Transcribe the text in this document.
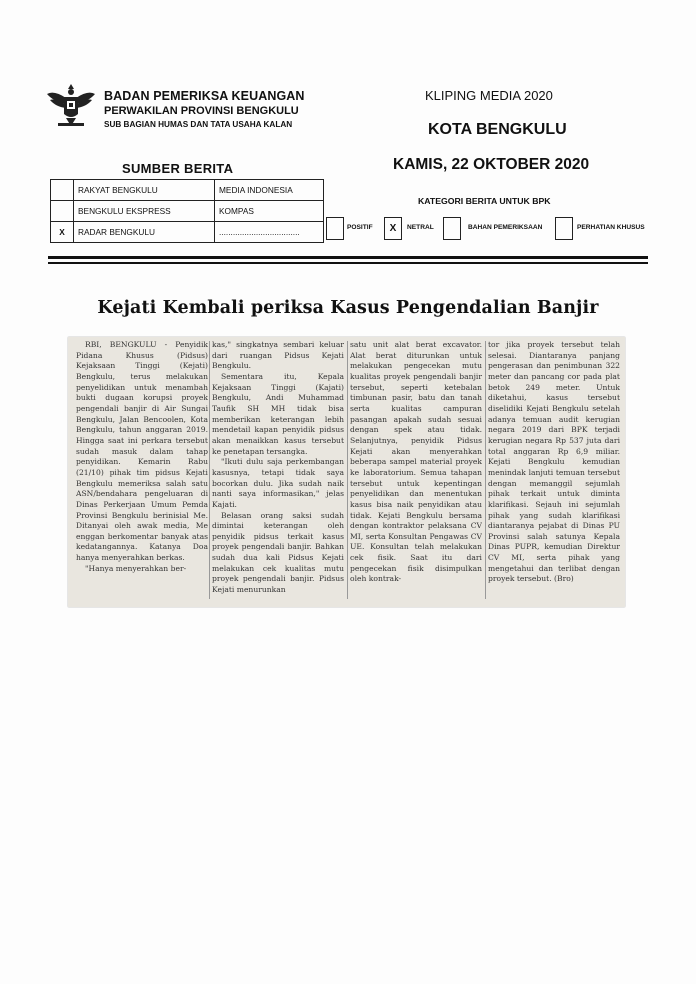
BADAN PEMERIKSA KEUANGAN
PERWAKILAN PROVINSI BENGKULU
SUB BAGIAN HUMAS DAN TATA USAHA KALAN
KLIPING MEDIA 2020
KOTA BENGKULU
KAMIS, 22 OKTOBER 2020
SUMBER BERITA
	RAKYAT BENGKULU	MEDIA INDONESIA
	BENGKULU EKSPRESS	KOMPAS
X	RADAR BENGKULU	...................................
KATEGORI BERITA UNTUK BPK
POSITIF	X	NETRAL	BAHAN PEMERIKSAAN	PERHATIAN KHUSUS
Kejati Kembali periksa Kasus Pengendalian Banjir

RBI, BENGKULU - Penyidik Pidana Khusus (Pidsus) Kejaksaan Tinggi (Kejati) Bengkulu, terus melakukan penyelidikan untuk menambah bukti dugaan korupsi proyek pengendali banjir di Air Sungai Bengkulu, Jalan Bencoolen, Kota Bengkulu, tahun anggaran 2019. Hingga saat ini perkara tersebut sudah masuk dalam tahap penyidikan. Kemarin Rabu (21/10) pihak tim pidsus Kejati Bengkulu memeriksa salah satu ASN/bendahara pengeluaran di Dinas Perkerjaan Umum Pemda Provinsi Bengkulu berinisial Me. Ditanyai oleh awak media, Me enggan berkomentar banyak atas kedatangannya. Katanya Doa hanya menyerahkan berkas.

"Hanya menyerahkan ber-

kas," singkatnya sembari keluar dari ruangan Pidsus Kejati Bengkulu.

Sementara itu, Kepala Kejaksaan Tinggi (Kajati) Bengkulu, Andi Muhammad Taufik SH MH tidak bisa memberikan keterangan lebih mendetail kapan penyidik pidsus akan menaikkan kasus tersebut ke penetapan tersangka.

"Ikuti dulu saja perkembangan kasusnya, tetapi tidak saya bocorkan dulu. Jika sudah naik nanti saya informasikan," jelas Kajati.

Belasan orang saksi sudah dimintai keterangan oleh penyidik pidsus terkait kasus proyek pengendali banjir. Bahkan sudah dua kali Pidsus Kejati melakukan cek kualitas mutu proyek pengendali banjir. Pidsus Kejati menurunkan

satu unit alat berat excavator. Alat berat diturunkan untuk melakukan pengecekan mutu kualitas proyek pengendali banjir tersebut, seperti ketebalan timbunan pasir, batu dan tanah serta kualitas campuran pasangan apakah sudah sesuai dengan spek atau tidak. Selanjutnya, penyidik Pidsus Kejati akan menyerahkan beberapa sampel material proyek ke laboratorium. Semua tahapan tersebut untuk kepentingan penyelidikan dan menentukan kasus bisa naik penyidikan atau tidak. Kejati Bengkulu bersama dengan kontraktor pelaksana CV MI, serta Konsultan Pengawas CV UE. Konsultan telah melakukan cek fisik. Saat itu dari pengecekan fisik disimpulkan oleh kontrak-

tor jika proyek tersebut telah selesai. Diantaranya panjang pengerasan dan penimbunan 322 meter dan pancang cor pada plat betok 249 meter. Untuk diketahui, kasus tersebut diselidiki Kejati Bengkulu setelah adanya temuan audit kerugian negara 2019 dari BPK terjadi kerugian negara Rp 537 juta dari total anggaran Rp 6,9 miliar. Kejati Bengkulu kemudian menindak lanjuti temuan tersebut dengan memanggil sejumlah pihak terkait untuk diminta klarifikasi. Sejauh ini sejumlah pihak yang sudah klarifikasi diantaranya pejabat di Dinas PU Provinsi salah satunya Kepala Dinas PUPR, kemudian Direktur CV MI, serta pihak yang mengetahui dan terlibat dengan proyek tersebut. (Bro)
